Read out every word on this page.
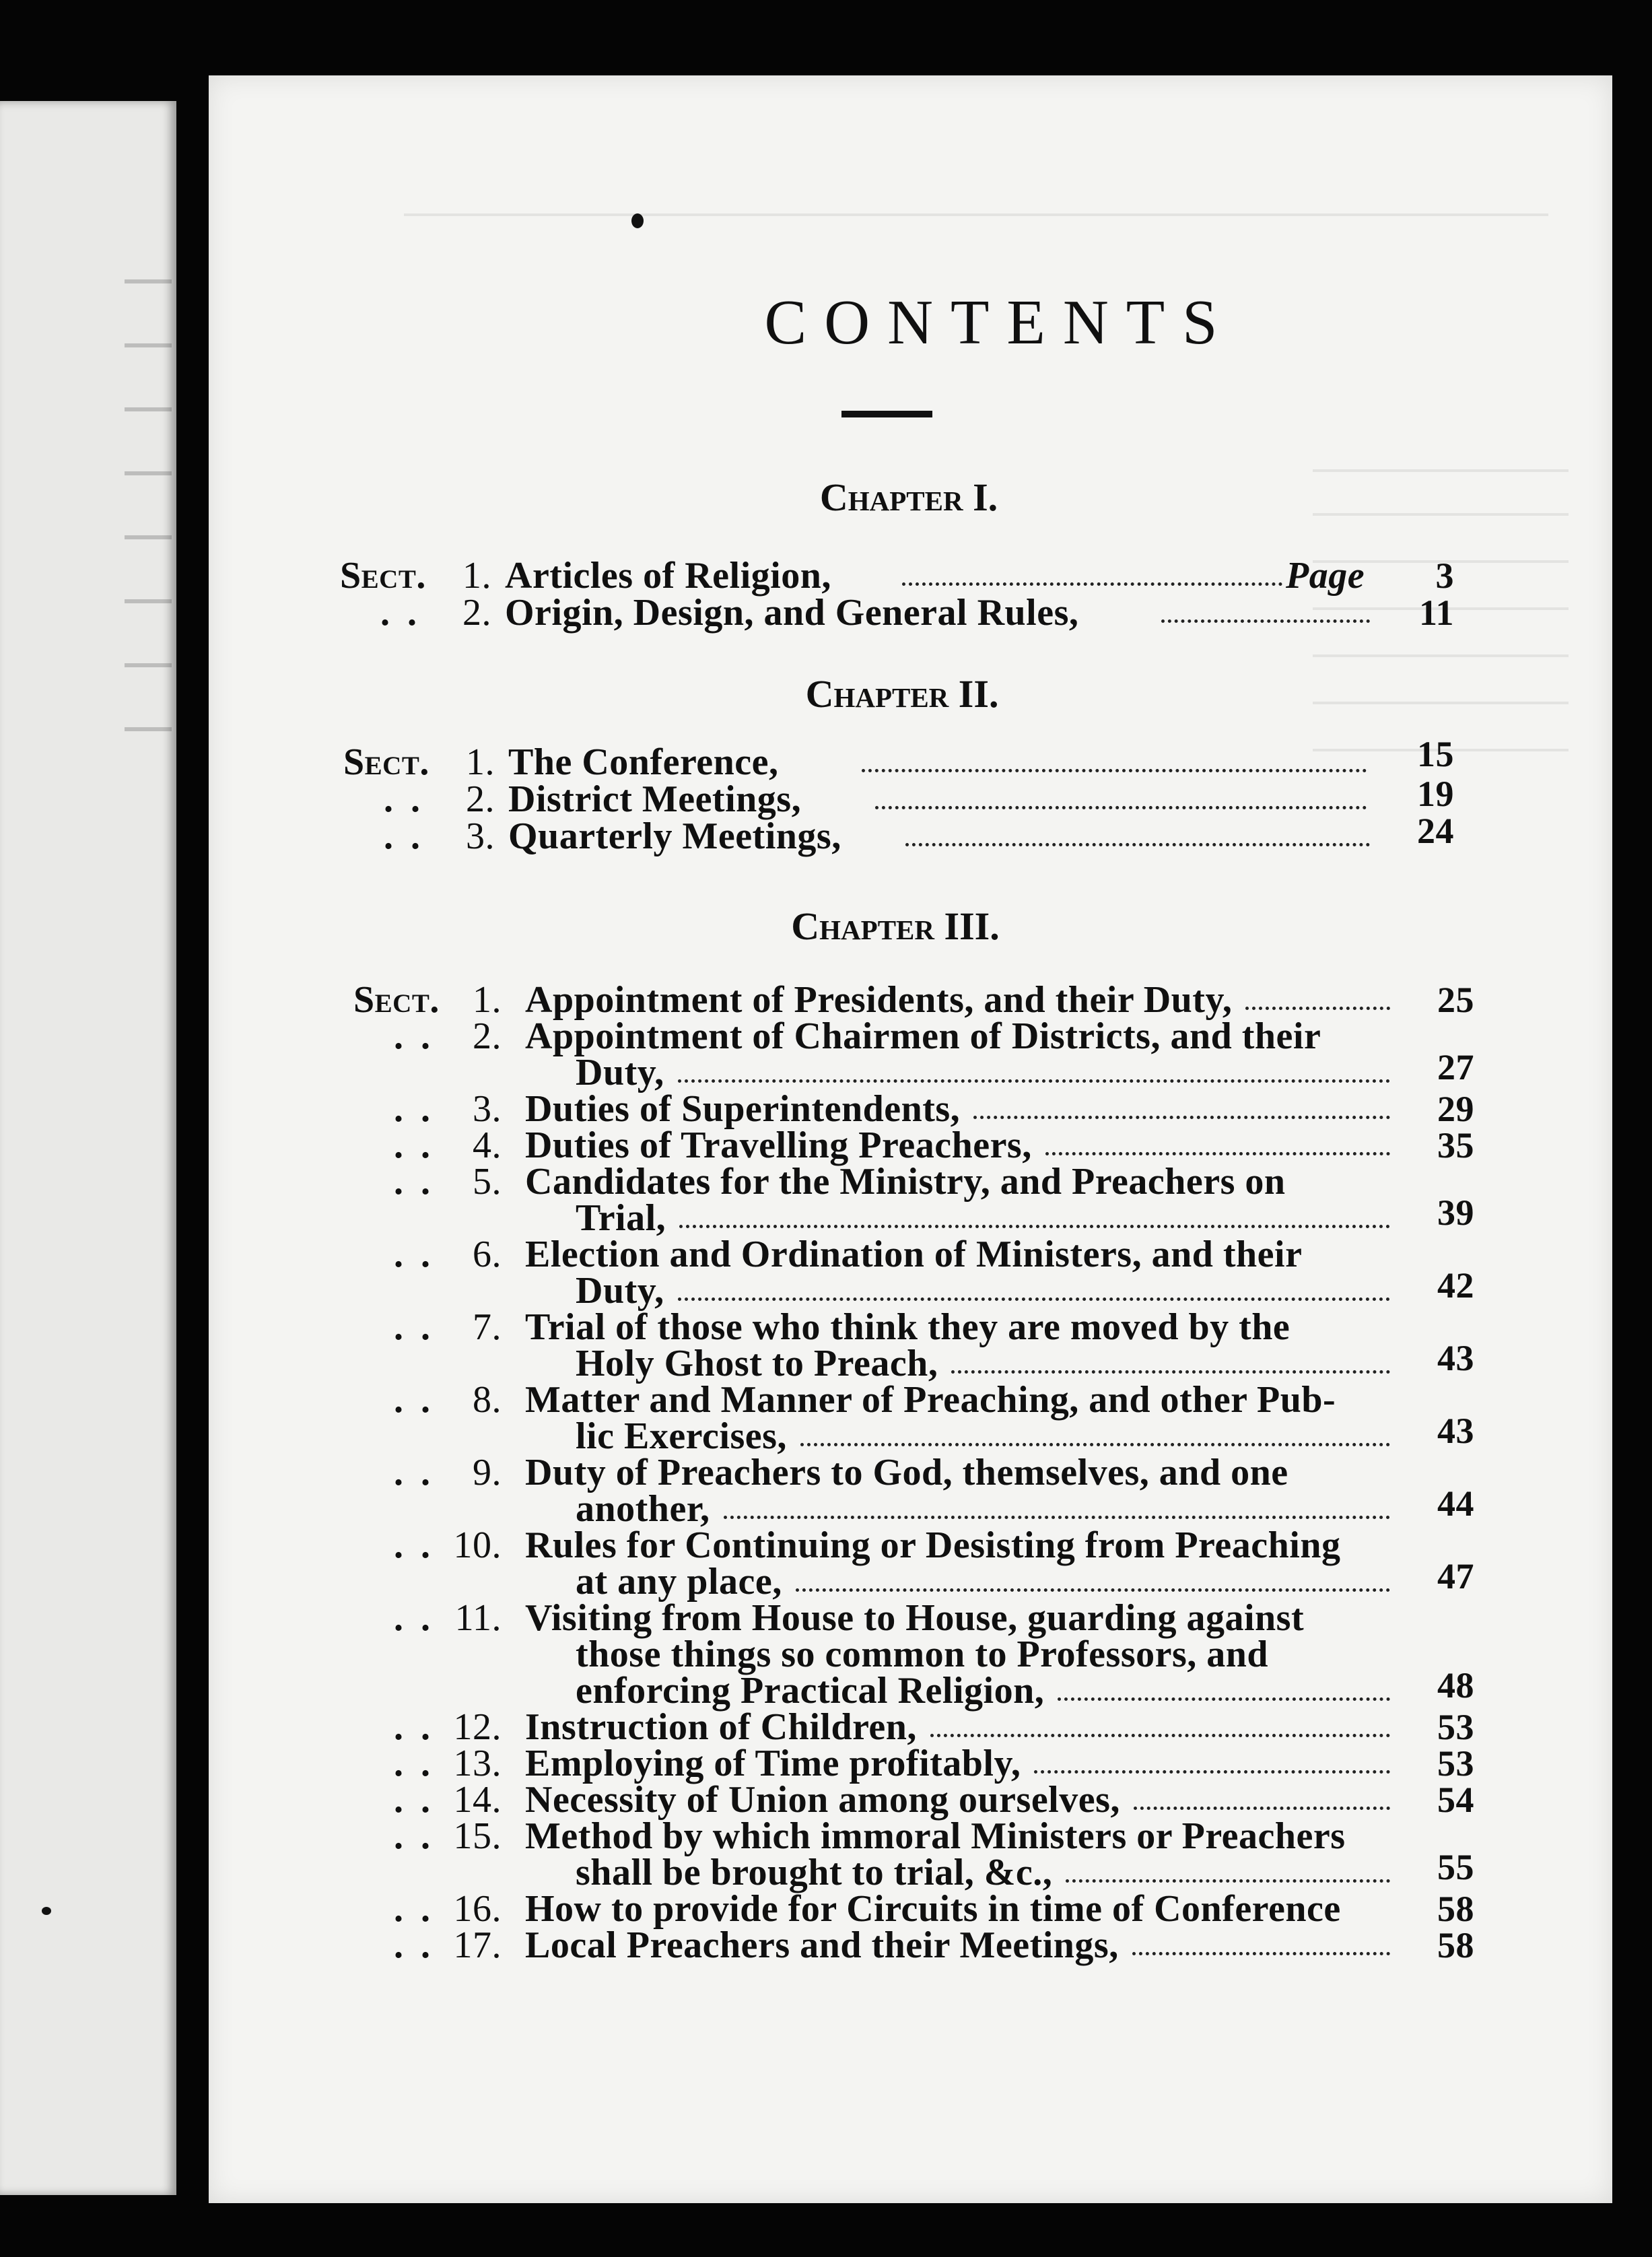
CONTENTS
Chapter I.
Sect. 1. Articles of Religion,	Page	3
. .	2. Origin, Design, and General Rules,	11
Chapter II.
Sect. 1. The Conference,	15
. .	2. District Meetings,	19
. .	3. Quarterly Meetings,	24
Chapter III.
Sect. 1. Appointment of Presidents, and their Duty,	25
. .	2. Appointment of Chairmen of Districts, and their
Duty,	27
. .	3. Duties of Superintendents,	29
. .	4. Duties of Travelling Preachers,	35
. .	5. Candidates for the Ministry, and Preachers on
Trial,	39
. .	6. Election and Ordination of Ministers, and their
Duty,	42
. .	7. Trial of those who think they are moved by the
Holy Ghost to Preach,	43
. .	8. Matter and Manner of Preaching, and other Pub-
lic Exercises,	43
. .	9. Duty of Preachers to God, themselves, and one
another,	44
. . 10. Rules for Continuing or Desisting from Preaching
at any place,	47
. . 11. Visiting from House to House, guarding against
those things so common to Professors, and
enforcing Practical Religion,	48
. . 12. Instruction of Children,	53
. . 13. Employing of Time profitably,	53
. . 14. Necessity of Union among ourselves,	54
. . 15. Method by which immoral Ministers or Preachers
shall be brought to trial, &c.,	55
. . 16. How to provide for Circuits in time of Conference	58
. . 17. Local Preachers and their Meetings,	58
